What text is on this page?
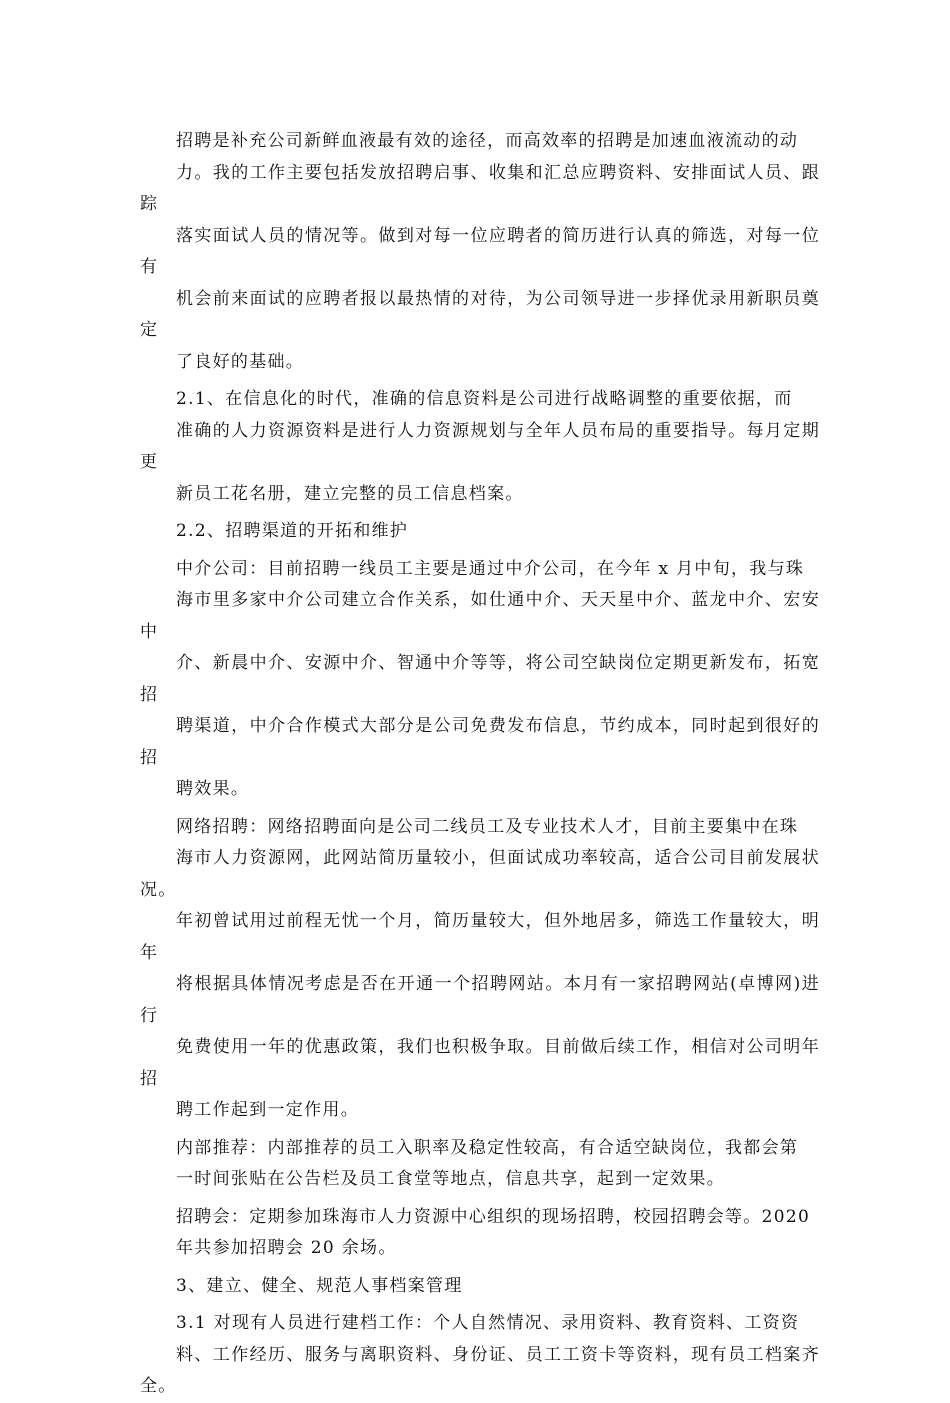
招聘是补充公司新鲜血液最有效的途径，而高效率的招聘是加速血液流动的动
力。我的工作主要包括发放招聘启事、收集和汇总应聘资料、安排面试人员、跟踪
落实面试人员的情况等。做到对每一位应聘者的简历进行认真的筛选，对每一位有
机会前来面试的应聘者报以最热情的对待，为公司领导进一步择优录用新职员奠定
了良好的基础。

2.1、在信息化的时代，准确的信息资料是公司进行战略调整的重要依据，而
准确的人力资源资料是进行人力资源规划与全年人员布局的重要指导。每月定期更
新员工花名册，建立完整的员工信息档案。

2.2、招聘渠道的开拓和维护

中介公司：目前招聘一线员工主要是通过中介公司，在今年 x 月中旬，我与珠
海市里多家中介公司建立合作关系，如仕通中介、天天星中介、蓝龙中介、宏安中
介、新晨中介、安源中介、智通中介等等，将公司空缺岗位定期更新发布，拓宽招
聘渠道，中介合作模式大部分是公司免费发布信息，节约成本，同时起到很好的招
聘效果。

网络招聘：网络招聘面向是公司二线员工及专业技术人才，目前主要集中在珠
海市人力资源网，此网站简历量较小，但面试成功率较高，适合公司目前发展状况。
年初曾试用过前程无忧一个月，简历量较大，但外地居多，筛选工作量较大，明年
将根据具体情况考虑是否在开通一个招聘网站。本月有一家招聘网站(卓博网)进行
免费使用一年的优惠政策，我们也积极争取。目前做后续工作，相信对公司明年招
聘工作起到一定作用。

内部推荐：内部推荐的员工入职率及稳定性较高，有合适空缺岗位，我都会第
一时间张贴在公告栏及员工食堂等地点，信息共享，起到一定效果。

招聘会：定期参加珠海市人力资源中心组织的现场招聘，校园招聘会等。2020
年共参加招聘会 20 余场。

3、建立、健全、规范人事档案管理

3.1 对现有人员进行建档工作：个人自然情况、录用资料、教育资料、工资资
料、工作经历、服务与离职资料、身份证、员工工资卡等资料，现有员工档案齐全。
